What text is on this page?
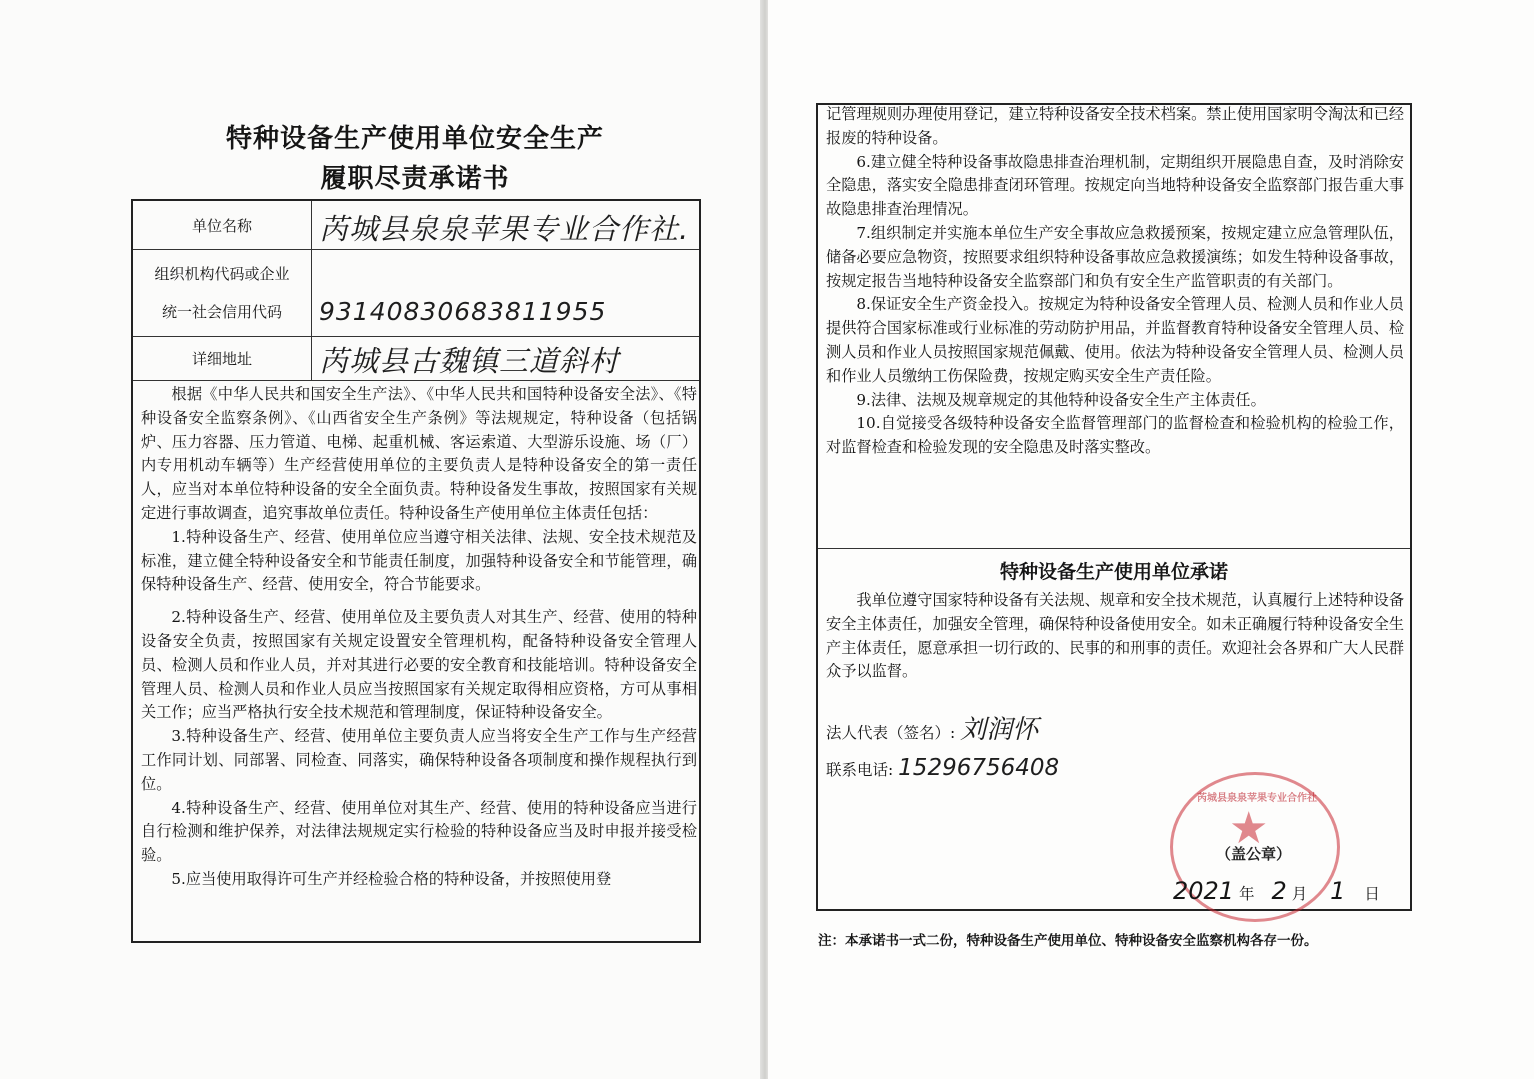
特种设备生产使用单位安全生产
履职尽责承诺书
单位名称	芮城县泉泉苹果专业合作社.
组织机构代码或企业
统一社会信用代码	93140830683811955
详细地址	芮城县古魏镇三道斜村

根据《中华人民共和国安全生产法》、《中华人民共和国特种设备安全法》、《特种设备安全监察条例》、《山西省安全生产条例》等法规规定，特种设备（包括锅炉、压力容器、压力管道、电梯、起重机械、客运索道、大型游乐设施、场（厂）内专用机动车辆等）生产经营使用单位的主要负责人是特种设备安全的第一责任人，应当对本单位特种设备的安全全面负责。特种设备发生事故，按照国家有关规定进行事故调查，追究事故单位责任。特种设备生产使用单位主体责任包括：

1.特种设备生产、经营、使用单位应当遵守相关法律、法规、安全技术规范及标准，建立健全特种设备安全和节能责任制度，加强特种设备安全和节能管理，确保特种设备生产、经营、使用安全，符合节能要求。

2.特种设备生产、经营、使用单位及主要负责人对其生产、经营、使用的特种设备安全负责，按照国家有关规定设置安全管理机构，配备特种设备安全管理人员、检测人员和作业人员，并对其进行必要的安全教育和技能培训。特种设备安全管理人员、检测人员和作业人员应当按照国家有关规定取得相应资格，方可从事相关工作；应当严格执行安全技术规范和管理制度，保证特种设备安全。

3.特种设备生产、经营、使用单位主要负责人应当将安全生产工作与生产经营工作同计划、同部署、同检查、同落实，确保特种设备各项制度和操作规程执行到位。

4.特种设备生产、经营、使用单位对其生产、经营、使用的特种设备应当进行自行检测和维护保养，对法律法规规定实行检验的特种设备应当及时申报并接受检验。

5.应当使用取得许可生产并经检验合格的特种设备，并按照使用登

记管理规则办理使用登记，建立特种设备安全技术档案。禁止使用国家明令淘汰和已经报废的特种设备。

6.建立健全特种设备事故隐患排查治理机制，定期组织开展隐患自查，及时消除安全隐患，落实安全隐患排查闭环管理。按规定向当地特种设备安全监察部门报告重大事故隐患排查治理情况。

7.组织制定并实施本单位生产安全事故应急救援预案，按规定建立应急管理队伍，储备必要应急物资，按照要求组织特种设备事故应急救援演练；如发生特种设备事故，按规定报告当地特种设备安全监察部门和负有安全生产监管职责的有关部门。

8.保证安全生产资金投入。按规定为特种设备安全管理人员、检测人员和作业人员提供符合国家标准或行业标准的劳动防护用品，并监督教育特种设备安全管理人员、检测人员和作业人员按照国家规范佩戴、使用。依法为特种设备安全管理人员、检测人员和作业人员缴纳工伤保险费，按规定购买安全生产责任险。

9.法律、法规及规章规定的其他特种设备安全生产主体责任。

10.自觉接受各级特种设备安全监督管理部门的监督检查和检验机构的检验工作，对监督检查和检验发现的安全隐患及时落实整改。

特种设备生产使用单位承诺

我单位遵守国家特种设备有关法规、规章和安全技术规范，认真履行上述特种设备安全主体责任，加强安全管理，确保特种设备使用安全。如未正确履行特种设备安全生产主体责任，愿意承担一切行政的、民事的和刑事的责任。欢迎社会各界和广大人民群众予以监督。

法人代表（签名）: 刘润怀
联系电话: 15296756408
芮城县泉泉苹果专业合作社
★
（盖公章）
2021 年 2 月 1 日
注：本承诺书一式二份，特种设备生产使用单位、特种设备安全监察机构各存一份。
